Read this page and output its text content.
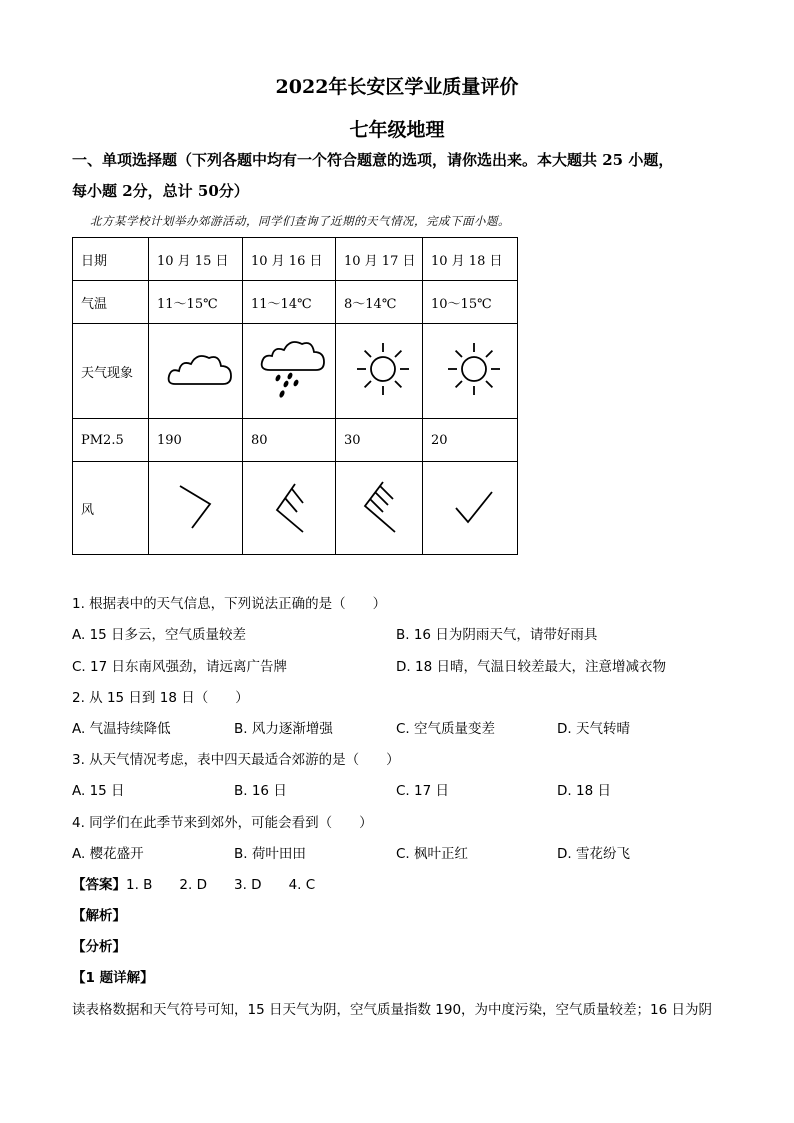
2022年长安区学业质量评价
七年级地理
一、单项选择题（下列各题中均有一个符合题意的选项，请你选出来。本大题共 25 小题，
每小题 2分，总计 50分）
北方某学校计划举办郊游活动，同学们查询了近期的天气情况，完成下面小题。
日期	10 月 15 日	10 月 16 日	10 月 17 日	10 月 18 日
气温	11～15℃	11～14℃	8～14℃	10～15℃
天气现象				
PM2.5	190	80	30	20
风				
1. 根据表中的天气信息，下列说法正确的是（　　）
A. 15 日多云，空气质量较差	B. 16 日为阴雨天气，请带好雨具
C. 17 日东南风强劲，请远离广告牌	D. 18 日晴，气温日较差最大，注意增减衣物
2. 从 15 日到 18 日（　　）
A. 气温持续降低	B. 风力逐渐增强	C. 空气质量变差	D. 天气转晴
3. 从天气情况考虑，表中四天最适合郊游的是（　　）
A. 15 日	B. 16 日	C. 17 日	D. 18 日
4. 同学们在此季节来到郊外，可能会看到（　　）
A. 樱花盛开	B. 荷叶田田	C. 枫叶正红	D. 雪花纷飞
【答案】1. B　　2. D　　3. D　　4. C
【解析】
【分析】
【1 题详解】
读表格数据和天气符号可知，15 日天气为阴，空气质量指数 190，为中度污染，空气质量较差；16 日为阴
